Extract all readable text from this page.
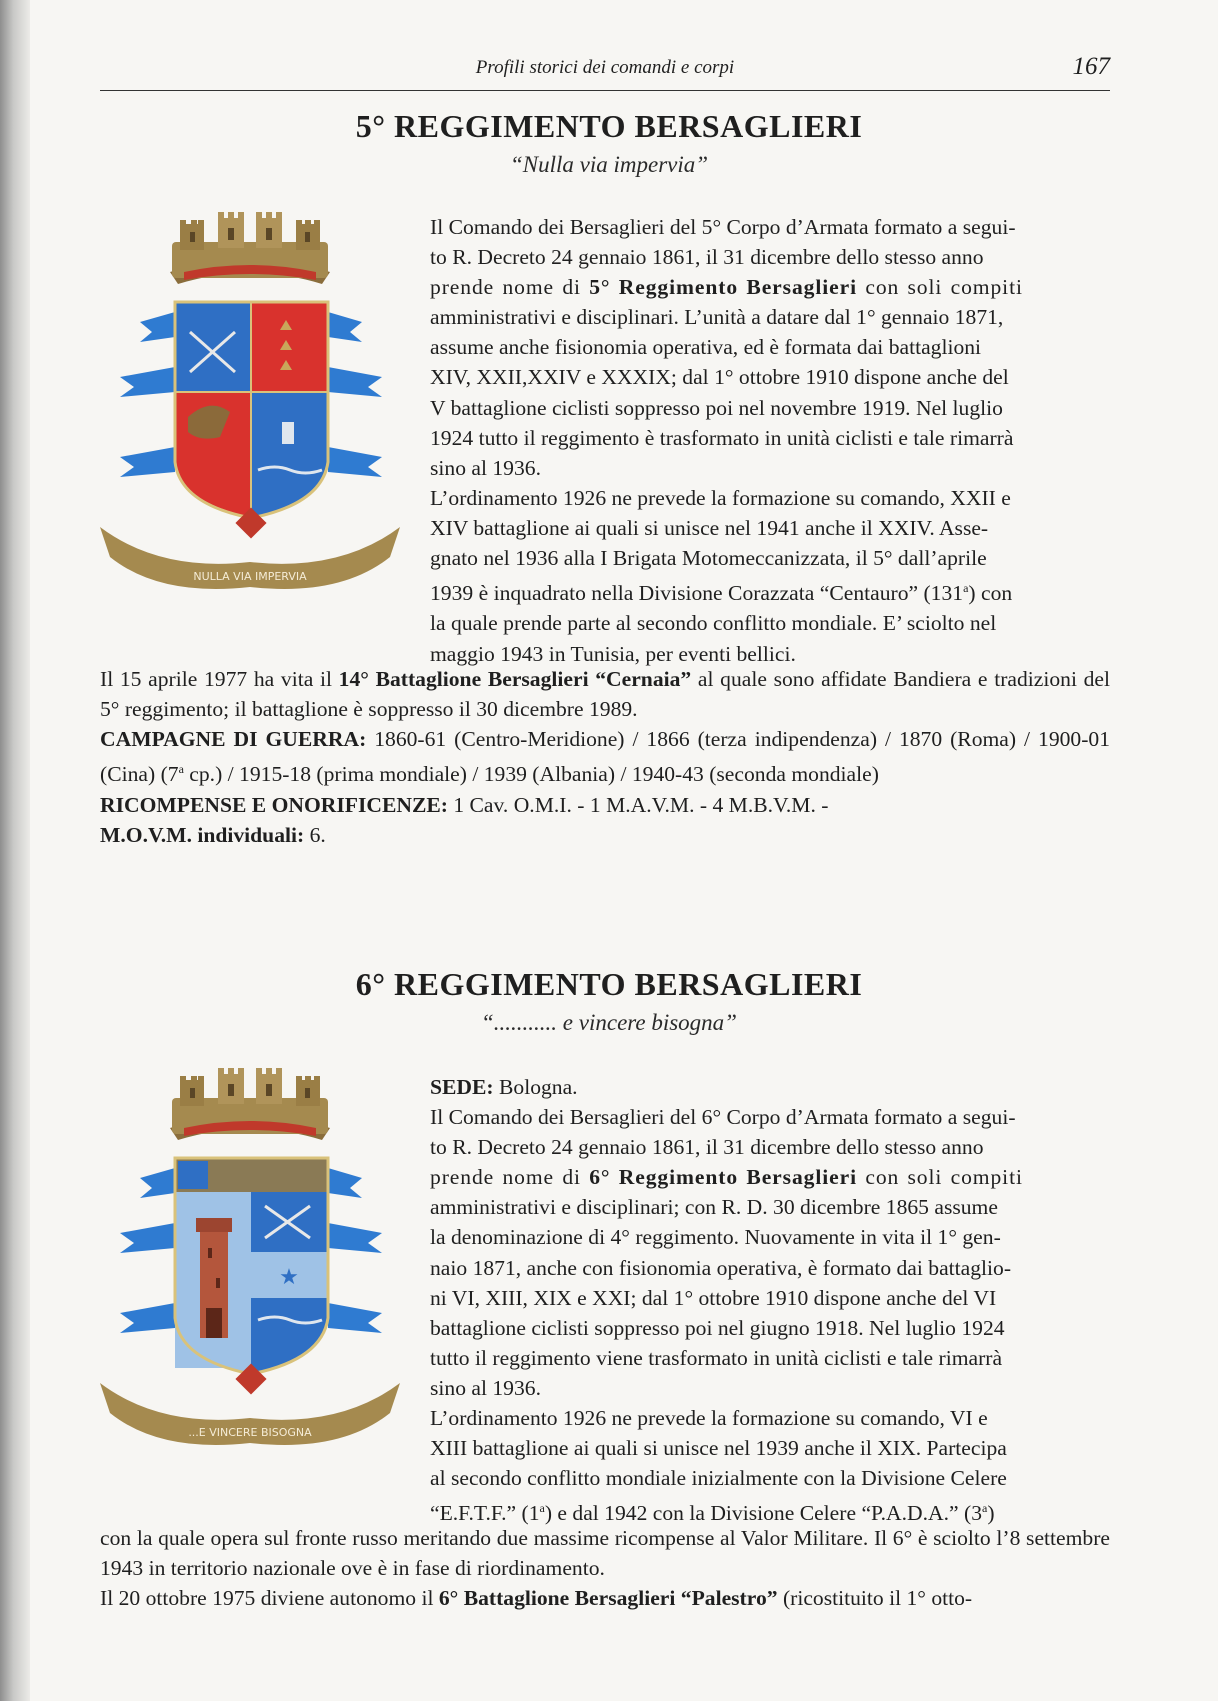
Profili storici dei comandi e corpi	167
5° REGGIMENTO BERSAGLIERI
“Nulla via impervia”
NULLA VIA IMPERVIA

Il Comando dei Bersaglieri del 5° Corpo d’Armata formato a segui-
to R. Decreto 24 gennaio 1861, il 31 dicembre dello stesso anno
prende nome di 5° Reggimento Bersaglieri con soli compiti
amministrativi e disciplinari. L’unità a datare dal 1° gennaio 1871,
assume anche fisionomia operativa, ed è formata dai battaglioni
XIV, XXII,XXIV e XXXIX; dal 1° ottobre 1910 dispone anche del
V battaglione ciclisti soppresso poi nel novembre 1919. Nel luglio
1924 tutto il reggimento è trasformato in unità ciclisti e tale rimarrà
sino al 1936.

L’ordinamento 1926 ne prevede la formazione su comando, XXII e
XIV battaglione ai quali si unisce nel 1941 anche il XXIV. Asse-
gnato nel 1936 alla I Brigata Motomeccanizzata, il 5° dall’aprile
1939 è inquadrato nella Divisione Corazzata “Centauro” (131$^a$) con
la quale prende parte al secondo conflitto mondiale. E’ sciolto nel
maggio 1943 in Tunisia, per eventi bellici.

Il 15 aprile 1977 ha vita il 14° Battaglione Bersaglieri “Cernaia” al quale sono affidate Bandiera e tradizioni del 5° reggimento; il battaglione è soppresso il 30 dicembre 1989.

CAMPAGNE DI GUERRA: 1860-61 (Centro-Meridione) / 1866 (terza indipendenza) / 1870 (Roma) / 1900-01 (Cina) (7$^a$ cp.) / 1915-18 (prima mondiale) / 1939 (Albania) / 1940-43 (seconda mondiale)

RICOMPENSE E ONORIFICENZE: 1 Cav. O.M.I. - 1 M.A.V.M. - 4 M.B.V.M. -
M.O.V.M. individuali: 6.

6° REGGIMENTO BERSAGLIERI
“........... e vincere bisogna”
★
...E VINCERE BISOGNA

SEDE: Bologna.

Il Comando dei Bersaglieri del 6° Corpo d’Armata formato a segui-
to R. Decreto 24 gennaio 1861, il 31 dicembre dello stesso anno
prende nome di 6° Reggimento Bersaglieri con soli compiti
amministrativi e disciplinari; con R. D. 30 dicembre 1865 assume
la denominazione di 4° reggimento. Nuovamente in vita il 1° gen-
naio 1871, anche con fisionomia operativa, è formato dai battaglio-
ni VI, XIII, XIX e XXI; dal 1° ottobre 1910 dispone anche del VI
battaglione ciclisti soppresso poi nel giugno 1918. Nel luglio 1924
tutto il reggimento viene trasformato in unità ciclisti e tale rimarrà
sino al 1936.

L’ordinamento 1926 ne prevede la formazione su comando, VI e
XIII battaglione ai quali si unisce nel 1939 anche il XIX. Partecipa
al secondo conflitto mondiale inizialmente con la Divisione Celere
“E.F.T.F.” (1$^a$) e dal 1942 con la Divisione Celere “P.A.D.A.” (3$^a$)

con la quale opera sul fronte russo meritando due massime ricompense al Valor Militare. Il 6° è sciolto l’8 settembre 1943 in territorio nazionale ove è in fase di riordinamento.

Il 20 ottobre 1975 diviene autonomo il 6° Battaglione Bersaglieri “Palestro” (ricostituito il 1° otto-
